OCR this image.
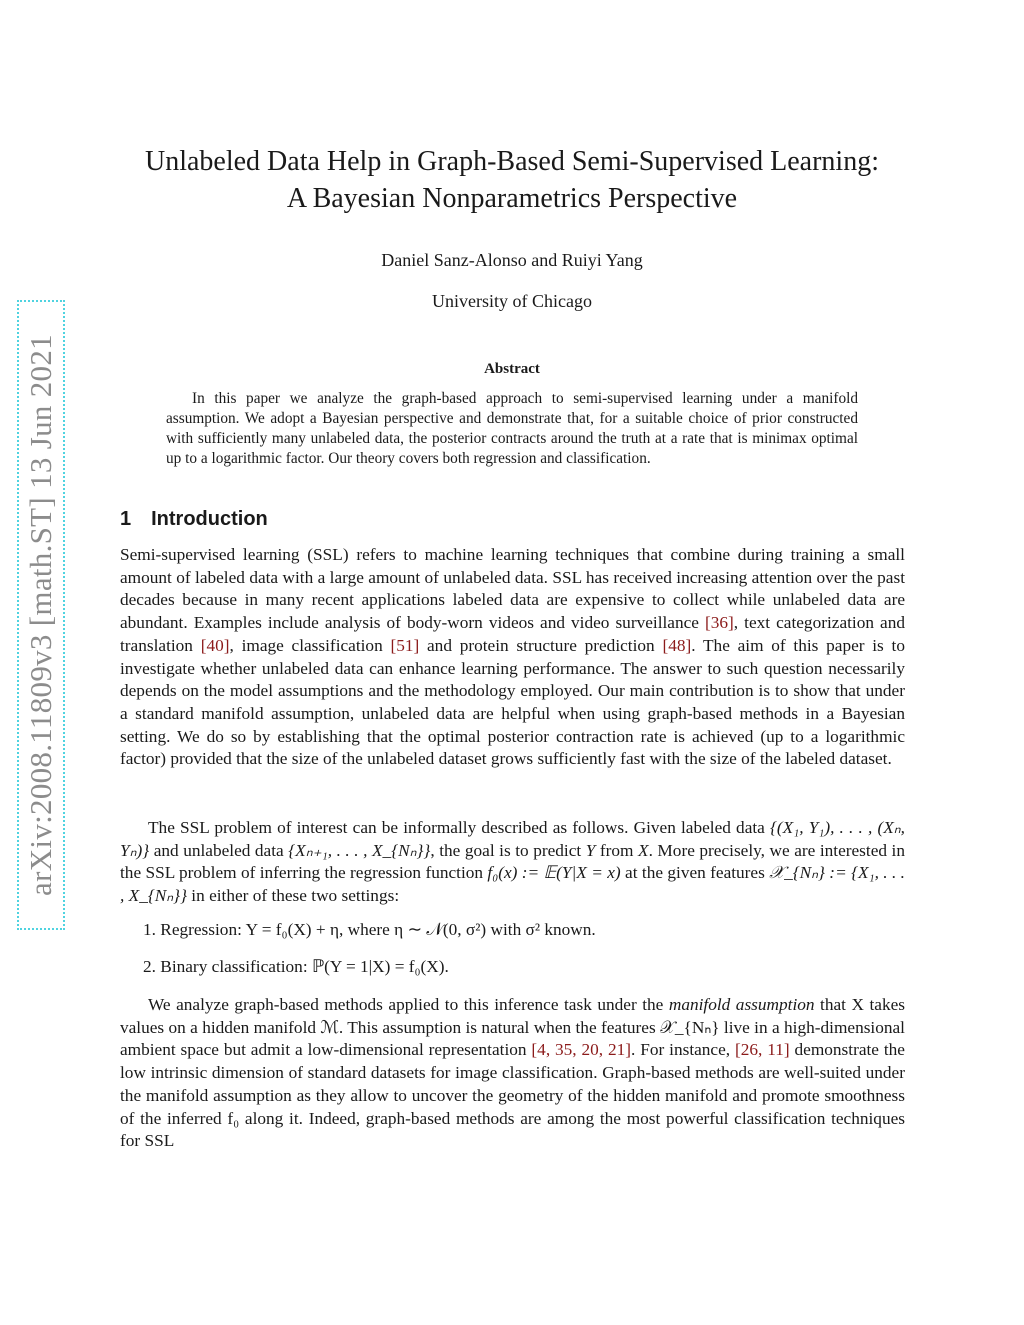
arXiv:2008.11809v3 [math.ST] 13 Jun 2021
Unlabeled Data Help in Graph-Based Semi-Supervised Learning:
A Bayesian Nonparametrics Perspective
Daniel Sanz-Alonso and Ruiyi Yang
University of Chicago
Abstract

In this paper we analyze the graph-based approach to semi-supervised learning under a manifold assumption. We adopt a Bayesian perspective and demonstrate that, for a suitable choice of prior constructed with sufficiently many unlabeled data, the posterior contracts around the truth at a rate that is minimax optimal up to a logarithmic factor. Our theory covers both regression and classification.

1 Introduction

Semi-supervised learning (SSL) refers to machine learning techniques that combine during training a small amount of labeled data with a large amount of unlabeled data. SSL has received increasing attention over the past decades because in many recent applications labeled data are expensive to collect while unlabeled data are abundant. Examples include analysis of body-worn videos and video surveillance [36], text categorization and translation [40], image classification [51] and protein structure prediction [48]. The aim of this paper is to investigate whether unlabeled data can enhance learning performance. The answer to such question necessarily depends on the model assumptions and the methodology employed. Our main contribution is to show that under a standard manifold assumption, unlabeled data are helpful when using graph-based methods in a Bayesian setting. We do so by establishing that the optimal posterior contraction rate is achieved (up to a logarithmic factor) provided that the size of the unlabeled dataset grows sufficiently fast with the size of the labeled dataset.

The SSL problem of interest can be informally described as follows. Given labeled data {(X₁, Y₁), . . . , (Xₙ, Yₙ)} and unlabeled data {Xₙ₊₁, . . . , X_{Nₙ}}, the goal is to predict Y from X. More precisely, we are interested in the SSL problem of inferring the regression function f₀(x) := 𝔼(Y|X = x) at the given features 𝒳_{Nₙ} := {X₁, . . . , X_{Nₙ}} in either of these two settings:

1. Regression: Y = f₀(X) + η, where η ∼ 𝒩(0, σ²) with σ² known.
2. Binary classification: ℙ(Y = 1|X) = f₀(X).

We analyze graph-based methods applied to this inference task under the manifold assumption that X takes values on a hidden manifold ℳ. This assumption is natural when the features 𝒳_{Nₙ} live in a high-dimensional ambient space but admit a low-dimensional representation [4, 35, 20, 21]. For instance, [26, 11] demonstrate the low intrinsic dimension of standard datasets for image classification. Graph-based methods are well-suited under the manifold assumption as they allow to uncover the geometry of the hidden manifold and promote smoothness of the inferred f₀ along it. Indeed, graph-based methods are among the most powerful classification techniques for SSL
